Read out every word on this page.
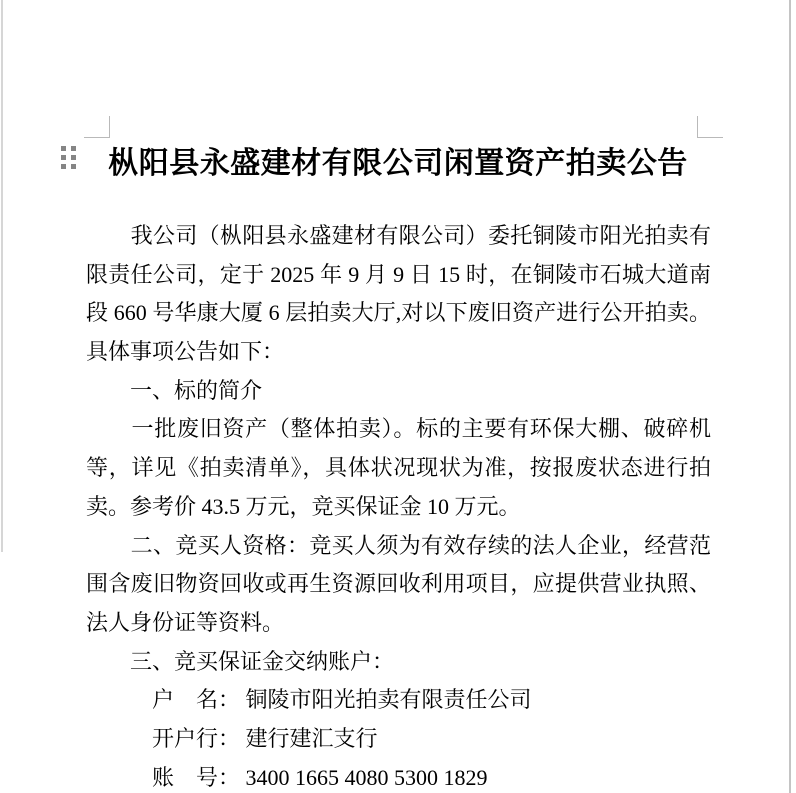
枞阳县永盛建材有限公司闲置资产拍卖公告
　　我公司（枞阳县永盛建材有限公司）委托铜陵市阳光拍卖有
限责任公司，定于 2025 年 9 月 9 日 15 时，在铜陵市石城大道南
段 660 号华康大厦 6 层拍卖大厅,对以下废旧资产进行公开拍卖。
具体事项公告如下：
　　一、标的简介
　　一批废旧资产（整体拍卖）。标的主要有环保大棚、破碎机
等，详见《拍卖清单》，具体状况现状为准，按报废状态进行拍
卖。参考价 43.5 万元，竞买保证金 10 万元。
　　二、竞买人资格：竞买人须为有效存续的法人企业，经营范
围含废旧物资回收或再生资源回收利用项目，应提供营业执照、
法人身份证等资料。
　　三、竞买保证金交纳账户：
　　　户　名： 铜陵市阳光拍卖有限责任公司
　　　开户行： 建行建汇支行
　　　账　号： 3400 1665 4080 5300 1829
